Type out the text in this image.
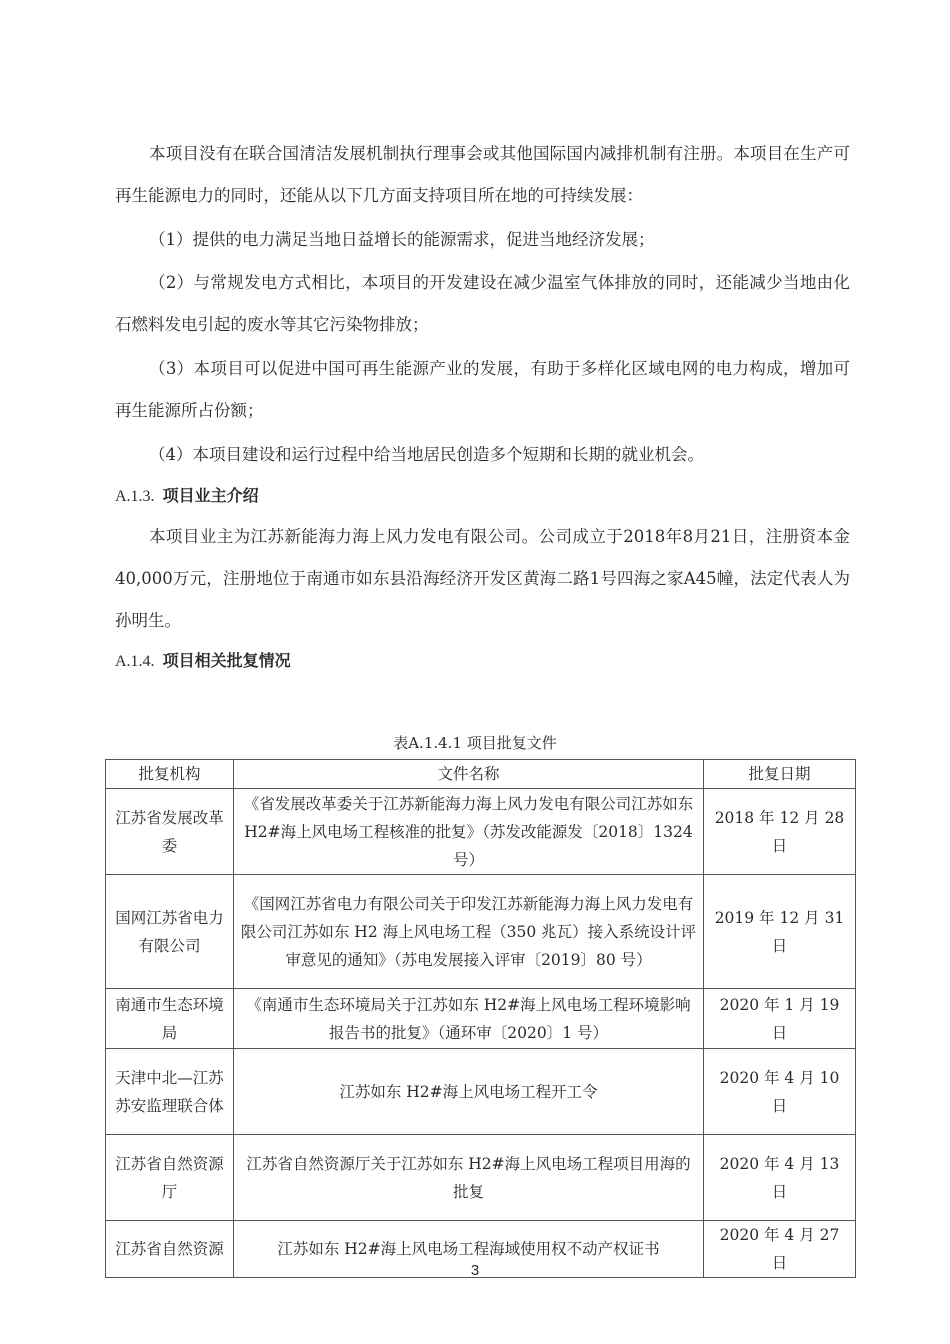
本项目没有在联合国清洁发展机制执行理事会或其他国际国内减排机制有注册。本项目在生产可再生能源电力的同时，还能从以下几方面支持项目所在地的可持续发展：

（1）提供的电力满足当地日益增长的能源需求，促进当地经济发展；

（2）与常规发电方式相比，本项目的开发建设在减少温室气体排放的同时，还能减少当地由化石燃料发电引起的废水等其它污染物排放；

（3）本项目可以促进中国可再生能源产业的发展，有助于多样化区域电网的电力构成，增加可再生能源所占份额；

（4）本项目建设和运行过程中给当地居民创造多个短期和长期的就业机会。

A.1.3. 项目业主介绍

本项目业主为江苏新能海力海上风力发电有限公司。公司成立于2018年8月21日，注册资本金40,000万元，注册地位于南通市如东县沿海经济开发区黄海二路1号四海之家A45幢，法定代表人为孙明生。

A.1.4. 项目相关批复情况
表A.1.4.1 项目批复文件
批复机构	文件名称	批复日期
江苏省发展改革委	《省发展改革委关于江苏新能海力海上风力发电有限公司江苏如东 H2#海上风电场工程核准的批复》（苏发改能源发〔2018〕1324 号）	2018 年 12 月 28 日
国网江苏省电力有限公司	《国网江苏省电力有限公司关于印发江苏新能海力海上风力发电有限公司江苏如东 H2 海上风电场工程（350 兆瓦）接入系统设计评审意见的通知》（苏电发展接入评审〔2019〕80 号）	2019 年 12 月 31 日
南通市生态环境局	《南通市生态环境局关于江苏如东 H2#海上风电场工程环境影响报告书的批复》（通环审〔2020〕1 号）	2020 年 1 月 19 日
天津中北—江苏苏安监理联合体	江苏如东 H2#海上风电场工程开工令	2020 年 4 月 10 日
江苏省自然资源厅	江苏省自然资源厅关于江苏如东 H2#海上风电场工程项目用海的批复	2020 年 4 月 13 日
江苏省自然资源	江苏如东 H2#海上风电场工程海域使用权不动产权证书	2020 年 4 月 27 日
3
